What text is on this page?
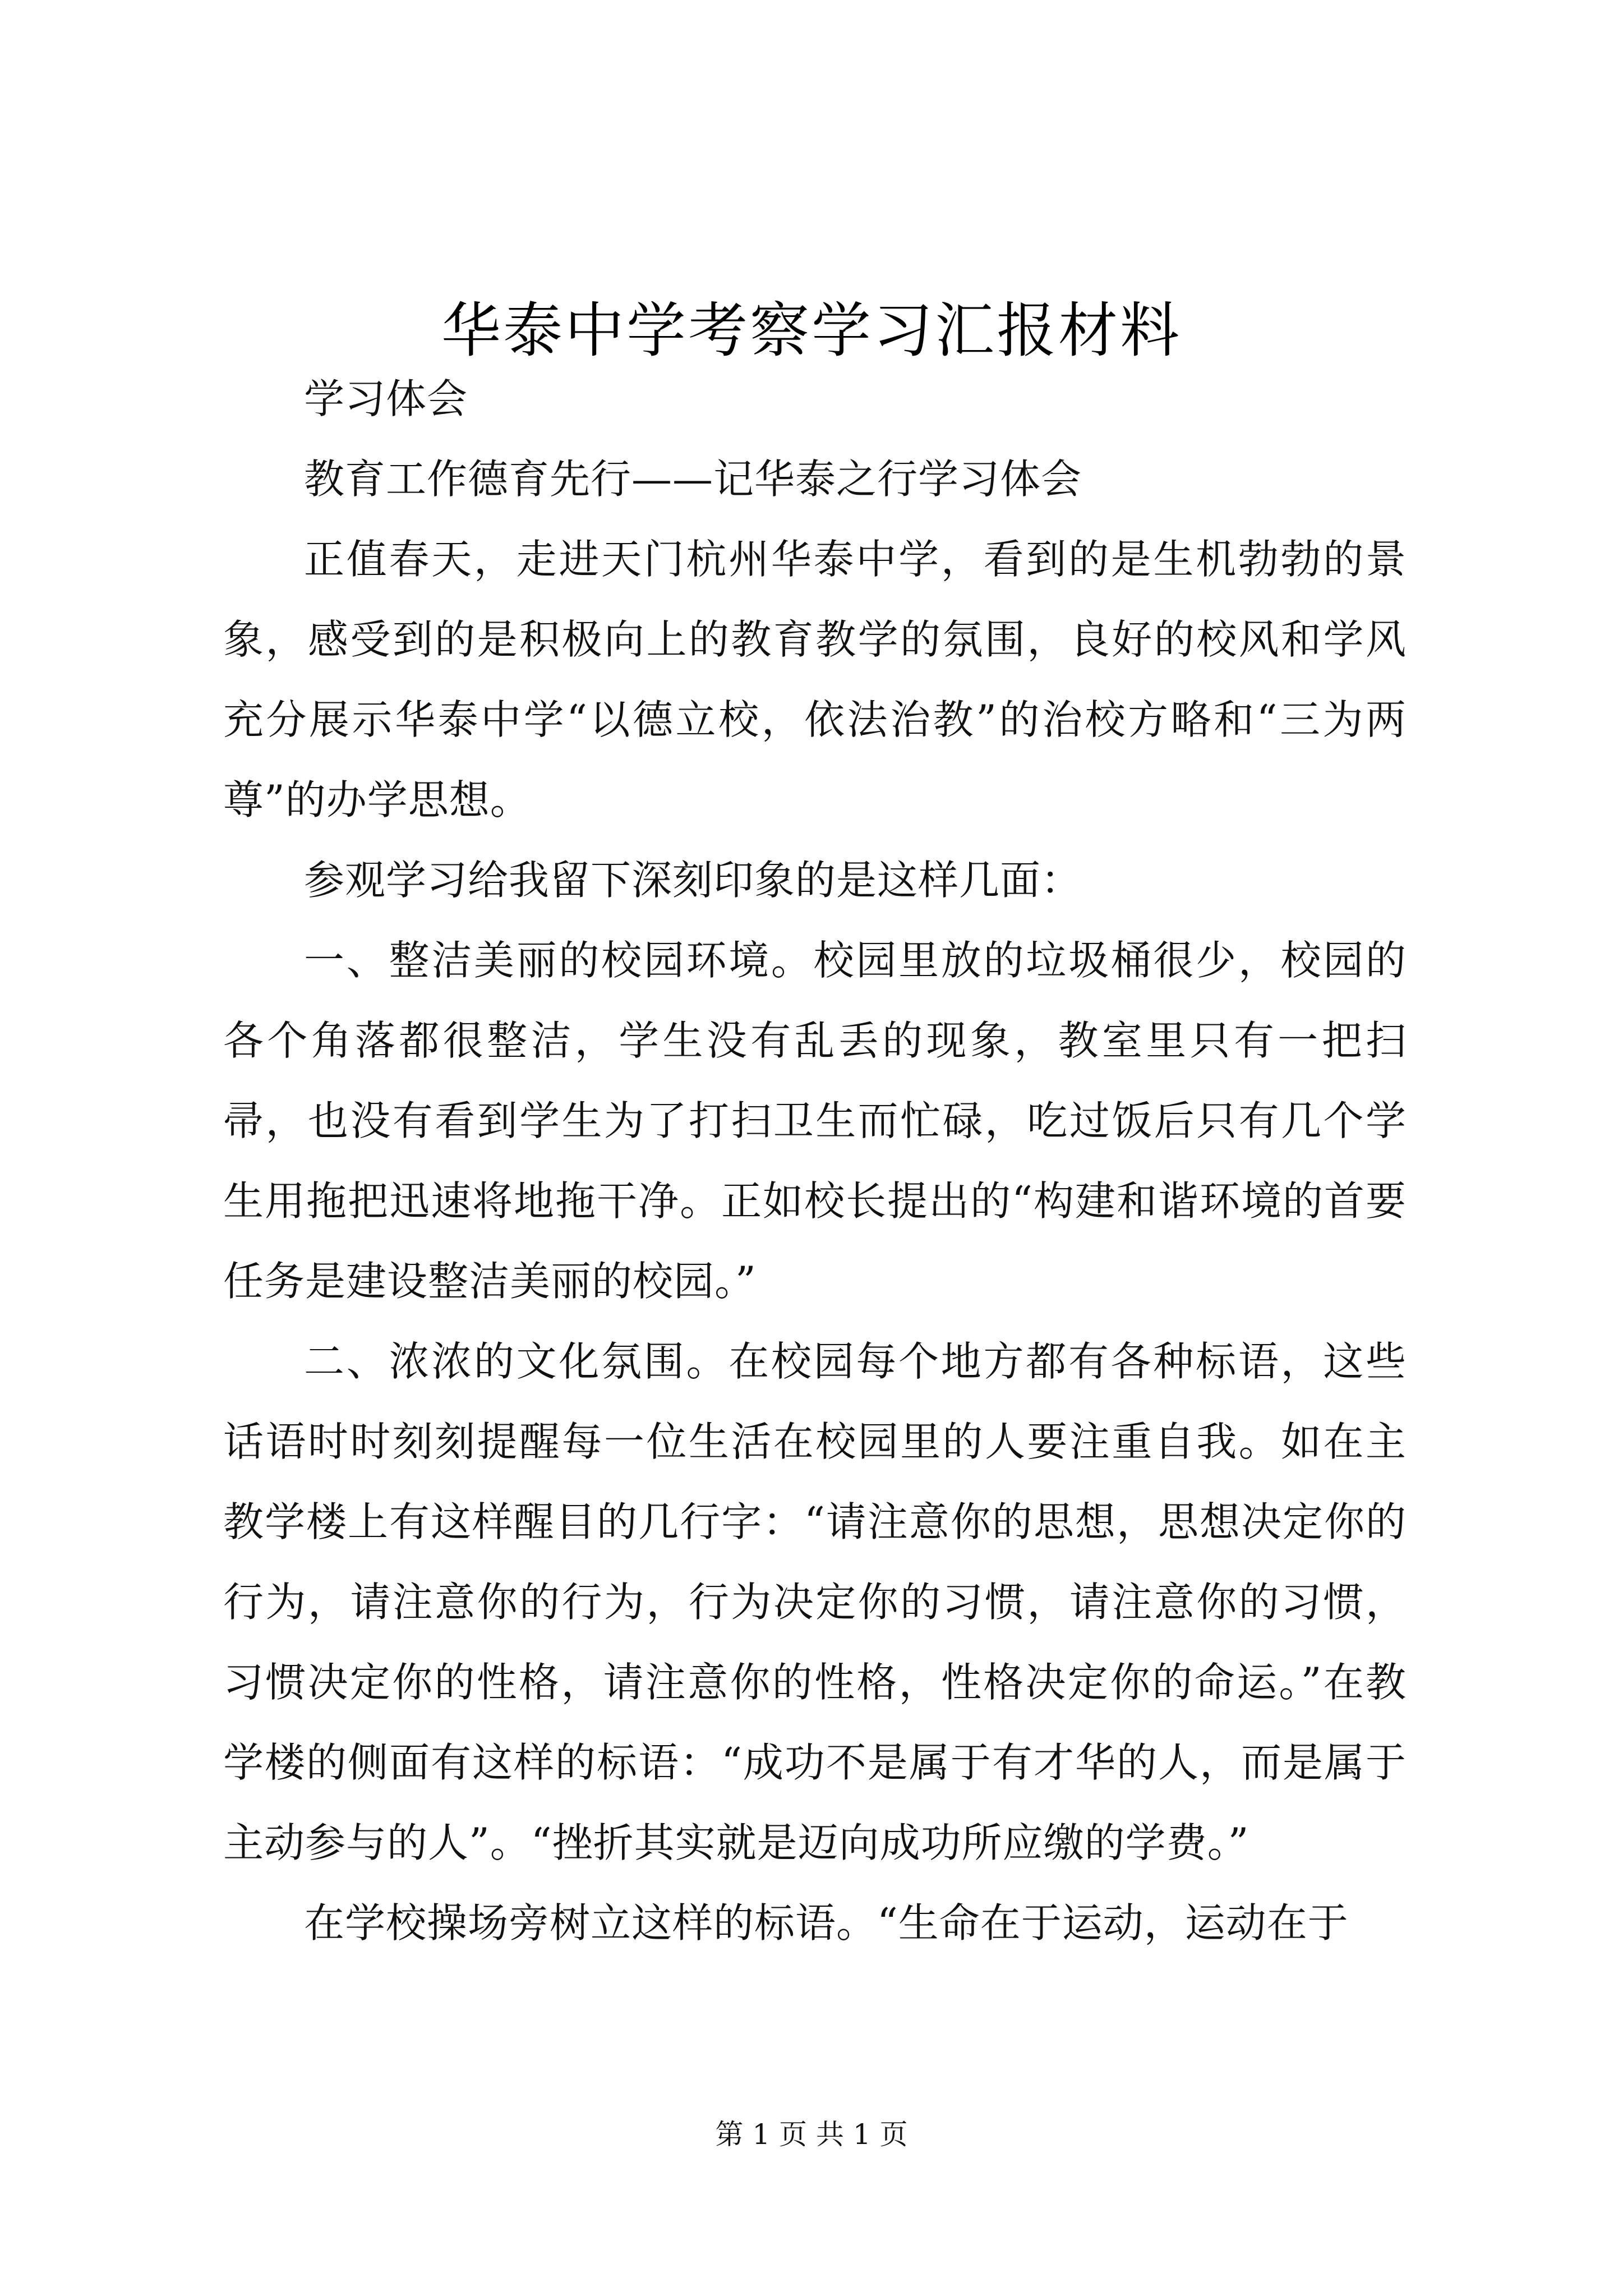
华泰中学考察学习汇报材料

学习体会

教育工作德育先行——记华泰之行学习体会

正值春天，走进天门杭州华泰中学，看到的是生机勃勃的景象，感受到的是积极向上的教育教学的氛围，良好的校风和学风充分展示华泰中学“以德立校，依法治教”的治校方略和“三为两尊”的办学思想。

参观学习给我留下深刻印象的是这样几面：

一、整洁美丽的校园环境。校园里放的垃圾桶很少，校园的各个角落都很整洁，学生没有乱丢的现象，教室里只有一把扫帚，也没有看到学生为了打扫卫生而忙碌，吃过饭后只有几个学生用拖把迅速将地拖干净。正如校长提出的“构建和谐环境的首要任务是建设整洁美丽的校园。”

二、浓浓的文化氛围。在校园每个地方都有各种标语，这些话语时时刻刻提醒每一位生活在校园里的人要注重自我。如在主教学楼上有这样醒目的几行字：“请注意你的思想，思想决定你的行为，请注意你的行为，行为决定你的习惯，请注意你的习惯，习惯决定你的性格，请注意你的性格，性格决定你的命运。”在教学楼的侧面有这样的标语：“成功不是属于有才华的人，而是属于主动参与的人”。“挫折其实就是迈向成功所应缴的学费。”

在学校操场旁树立这样的标语。“生命在于运动，运动在于

第 1 页 共 1 页
